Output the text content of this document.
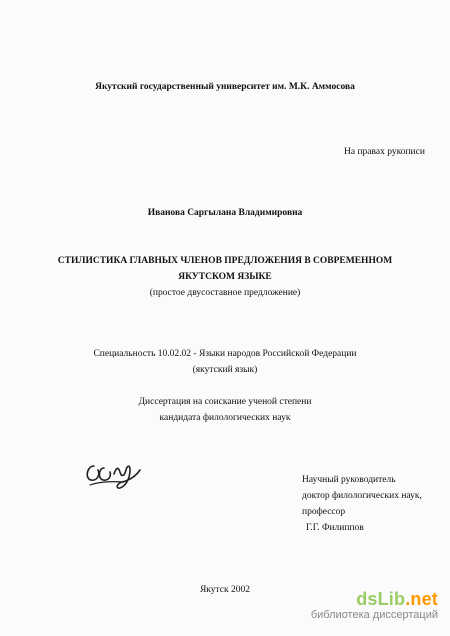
Якутский государственный университет им. М.К. Аммосова
На правах рукописи
Иванова Саргылана Владимировна
СТИЛИСТИКА ГЛАВНЫХ ЧЛЕНОВ ПРЕДЛОЖЕНИЯ В СОВРЕМЕННОМ
ЯКУТСКОМ ЯЗЫКЕ
(простое двусоставное предложение)
Специальность 10.02.02 - Языки народов Российской Федерации
(якутский язык)
Диссертация на соискание ученой степени
кандидата филологических наук
Научный руководитель
доктор филологических наук,
профессор
Г.Г. Филиппов
Якутск 2002	dsLib.net
библиотека диссертаций
